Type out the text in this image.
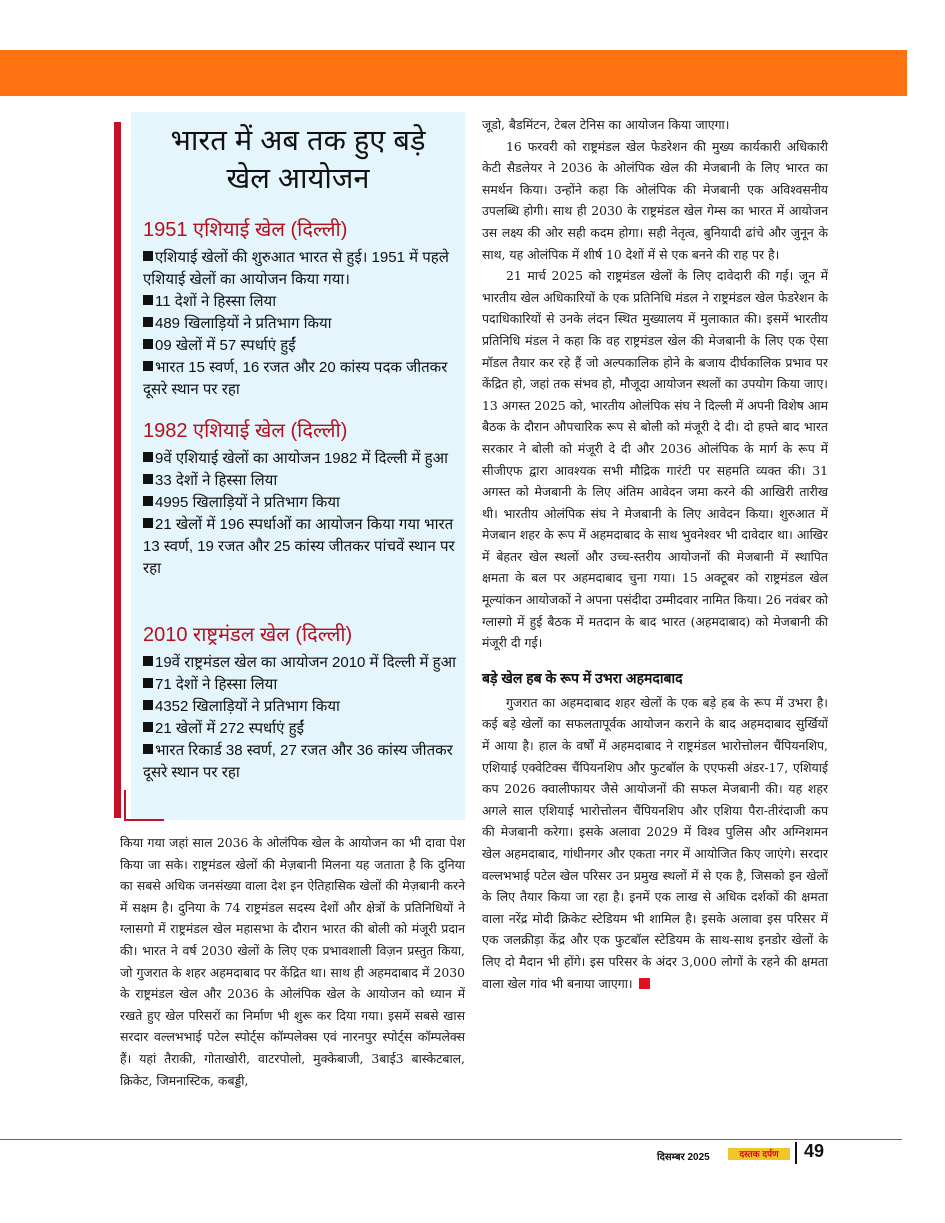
भारत में अब तक हुए बड़े
खेल आयोजन
1951 एशियाई खेल (दिल्ली)
एशियाई खेलों की शुरुआत भारत से हुई। 1951 में पहले एशियाई खेलों का आयोजन किया गया।
11 देशों ने हिस्सा लिया
489 खिलाड़ियों ने प्रतिभाग किया
09 खेलों में 57 स्पर्धाएं हुईं
भारत 15 स्वर्ण, 16 रजत और 20 कांस्य पदक जीतकर दूसरे स्थान पर रहा
1982 एशियाई खेल (दिल्ली)
9वें एशियाई खेलों का आयोजन 1982 में दिल्ली में हुआ
33 देशों ने हिस्सा लिया
4995 खिलाड़ियों ने प्रतिभाग किया
21 खेलों में 196 स्पर्धाओं का आयोजन किया गया भारत 13 स्वर्ण, 19 रजत और 25 कांस्य जीतकर पांचवें स्थान पर रहा
2010 राष्ट्रमंडल खेल (दिल्ली)
19वें राष्ट्रमंडल खेल का आयोजन 2010 में दिल्ली में हुआ
71 देशों ने हिस्सा लिया
4352 खिलाड़ियों ने प्रतिभाग किया
21 खेलों में 272 स्पर्धाएं हुईं
भारत रिकार्ड 38 स्वर्ण, 27 रजत और 36 कांस्य जीतकर दूसरे स्थान पर रहा

किया गया जहां साल 2036 के ओलंपिक खेल के आयोजन का भी दावा पेश किया जा सके। राष्ट्रमंडल खेलों की मेज़बानी मिलना यह जताता है कि दुनिया का सबसे अधिक जनसंख्या वाला देश इन ऐतिहासिक खेलों की मेज़बानी करने में सक्षम है। दुनिया के 74 राष्ट्रमंडल सदस्य देशों और क्षेत्रों के प्रतिनिधियों ने ग्लासगो में राष्ट्रमंडल खेल महासभा के दौरान भारत की बोली को मंजूरी प्रदान की। भारत ने वर्ष 2030 खेलों के लिए एक प्रभावशाली विज़न प्रस्तुत किया, जो गुजरात के शहर अहमदाबाद पर केंद्रित था। साथ ही अहमदाबाद में 2030 के राष्ट्रमंडल खेल और 2036 के ओलंपिक खेल के आयोजन को ध्यान में रखते हुए खेल परिसरों का निर्माण भी शुरू कर दिया गया। इसमें सबसे खास सरदार वल्लभभाई पटेल स्पोर्ट्स कॉम्पलेक्स एवं नारनपुर स्पोर्ट्स कॉम्पलेक्स हैं। यहां तैराकी, गोताखोरी, वाटरपोलो, मुक्केबाजी, 3बाई3 बास्केटबाल, क्रिकेट, जिमनास्टिक, कबड्डी,

जूडो, बैडमिंटन, टेबल टेनिस का आयोजन किया जाएगा।

16 फरवरी को राष्ट्रमंडल खेल फेडरेशन की मुख्य कार्यकारी अधिकारी केटी सैडलेयर ने 2036 के ओलंपिक खेल की मेजबानी के लिए भारत का समर्थन किया। उन्होंने कहा कि ओलंपिक की मेजबानी एक अविश्वसनीय उपलब्धि होगी। साथ ही 2030 के राष्ट्रमंडल खेल गेम्स का भारत में आयोजन उस लक्ष्य की ओर सही कदम होगा। सही नेतृत्व, बुनियादी ढांचे और जुनून के साथ, यह ओलंपिक में शीर्ष 10 देशों में से एक बनने की राह पर है।

21 मार्च 2025 को राष्ट्रमंडल खेलों के लिए दावेदारी की गई। जून में भारतीय खेल अधिकारियों के एक प्रतिनिधि मंडल ने राष्ट्रमंडल खेल फेडरेशन के पदाधिकारियों से उनके लंदन स्थित मुख्यालय में मुलाकात की। इसमें भारतीय प्रतिनिधि मंडल ने कहा कि वह राष्ट्रमंडल खेल की मेजबानी के लिए एक ऐसा मॉडल तैयार कर रहे हैं जो अल्पकालिक होने के बजाय दीर्घकालिक प्रभाव पर केंद्रित हो, जहां तक संभव हो, मौजूदा आयोजन स्थलों का उपयोग किया जाए। 13 अगस्त 2025 को, भारतीय ओलंपिक संघ ने दिल्ली में अपनी विशेष आम बैठक के दौरान औपचारिक रूप से बोली को मंजूरी दे दी। दो हफ्ते बाद भारत सरकार ने बोली को मंजूरी दे दी और 2036 ओलंपिक के मार्ग के रूप में सीजीएफ द्वारा आवश्यक सभी मौद्रिक गारंटी पर सहमति व्यक्त की। 31 अगस्त को मेजबानी के लिए अंतिम आवेदन जमा करने की आखिरी तारीख थी। भारतीय ओलंपिक संघ ने मेजबानी के लिए आवेदन किया। शुरुआत में मेजबान शहर के रूप में अहमदाबाद के साथ भुवनेश्वर भी दावेदार था। आखिर में बेहतर खेल स्थलों और उच्च-स्तरीय आयोजनों की मेजबानी में स्थापित क्षमता के बल पर अहमदाबाद चुना गया। 15 अक्टूबर को राष्ट्रमंडल खेल मूल्यांकन आयोजकों ने अपना पसंदीदा उम्मीदवार नामित किया। 26 नवंबर को ग्लास्गो में हुई बैठक में मतदान के बाद भारत (अहमदाबाद) को मेजबानी की मंजूरी दी गई।

बड़े खेल हब के रूप में उभरा अहमदाबाद

गुजरात का अहमदाबाद शहर खेलों के एक बड़े हब के रूप में उभरा है। कई बड़े खेलों का सफलतापूर्वक आयोजन कराने के बाद अहमदाबाद सुर्खियों में आया है। हाल के वर्षों में अहमदाबाद ने राष्ट्रमंडल भारोत्तोलन चैंपियनशिप, एशियाई एक्वेटिक्स चैंपियनशिप और फुटबॉल के एएफसी अंडर-17, एशियाई कप 2026 क्वालीफायर जैसे आयोजनों की सफल मेजबानी की। यह शहर अगले साल एशियाई भारोत्तोलन चैंपियनशिप और एशिया पैरा-तीरंदाजी कप की मेजबानी करेगा। इसके अलावा 2029 में विश्व पुलिस और अग्निशमन खेल अहमदाबाद, गांधीनगर और एकता नगर में आयोजित किए जाएंगे। सरदार वल्लभभाई पटेल खेल परिसर उन प्रमुख स्थलों में से एक है, जिसको इन खेलों के लिए तैयार किया जा रहा है। इनमें एक लाख से अधिक दर्शकों की क्षमता वाला नरेंद्र मोदी क्रिकेट स्टेडियम भी शामिल है। इसके अलावा इस परिसर में एक जलक्रीड़ा केंद्र और एक फुटबॉल स्टेडियम के साथ-साथ इनडोर खेलों के लिए दो मैदान भी होंगे। इस परिसर के अंदर 3,000 लोगों के रहने की क्षमता वाला खेल गांव भी बनाया जाएगा।

दिसम्बर 2025	दस्तक दर्पण	49
